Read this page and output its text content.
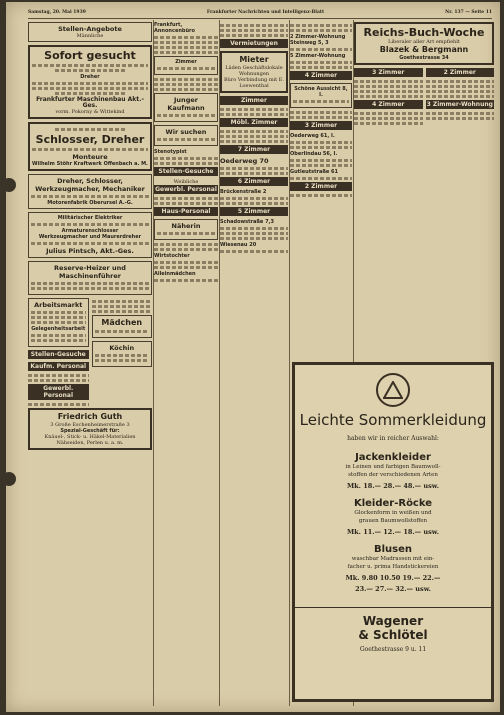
Samstag, 20. Mai 1939	Frankfurter Nachrichten und Intelligenz-Blatt	Nr. 137 — Seite 11
Stellen-Angebote
Männliche
Sofort gesucht
Dreher
Frankfurter Maschinenbau Akt.-Ges.
vorm. Pokorny & Wittekind
Schlosser, Dreher
Monteure
Wilhelm Stöhr Kraftwerk Offenbach a. M.
Dreher, Schlosser, Werkzeugmacher, Mechaniker
Motorenfabrik Oberursel A.-G.
Militärischer Elektriker
Armaturenschlosser
Werkzeugmacher und Maurerdreher
Julius Pintsch, Akt.-Ges.
Reserve-Heizer und Maschinenführer
Arbeitsmarkt
Gelegenheitsarbeit
Stellen-Gesuche
Kaufm. Personal
Gewerbl. Personal
Mädchen
Köchin
Friedrich Guth
3 Große Eschenheimerstraße 3
Spezial-Geschäft für:
Knäuel-, Stick- u. Häkel-Materialien Nähseiden, Perlen u. a. m.
Frankfurt, Annoncenbüro
Zimmer
Junger Kaufmann
Wir suchen
Stenotypist
Stellen-Gesuche
Weibliche
Gewerbl. Personal
Haus-Personal
Näherin
Wirtstochter
Alleinmädchen
Vermietungen
Mieter
Läden Geschäftslokale Wohnungen
Büro Verbindung mit E. Loewenthal
Zimmer
Möbl. Zimmer
7 Zimmer
Oederweg 70
6 Zimmer
Brückenstraße 2
5 Zimmer
Schadowstraße 7,3
Wiesenau 20
2 Zimmer-Wohnung
Steinweg 5, 3
5 Zimmer-Wohnung
4 Zimmer
Schöne Aussicht 8, I.
3 Zimmer
Oederweg 61, I.
Oberlindau 56, I.
Gutleutstraße 61
2 Zimmer
Reichs-Buch-Woche
Liberaler aller Art empfiehlt
Blazek & Bergmann
Goethestrasse 34
3 Zimmer
4 Zimmer
2 Zimmer
3 Zimmer-Wohnung
Leichte Sommerkleidung
haben wir in reicher Auswahl:
Jackenkleider
in Leinen und farbigen Baumwoll-
stoffen der verschiedenen Arten
Mk. 18.— 28.— 48.— usw.
Kleider-Röcke
Glockenform in weißen und
grauen Baumwollstoffen
Mk. 11.— 12.— 18.— usw.
Blusen
waschbar Madrassen mit ein-
facher u. prima Handstickereien
Mk. 9.80 10.50 19.— 22.—
23.— 27.— 32.— usw.
Wagener
& Schlötel
Goethestrasse 9 u. 11
